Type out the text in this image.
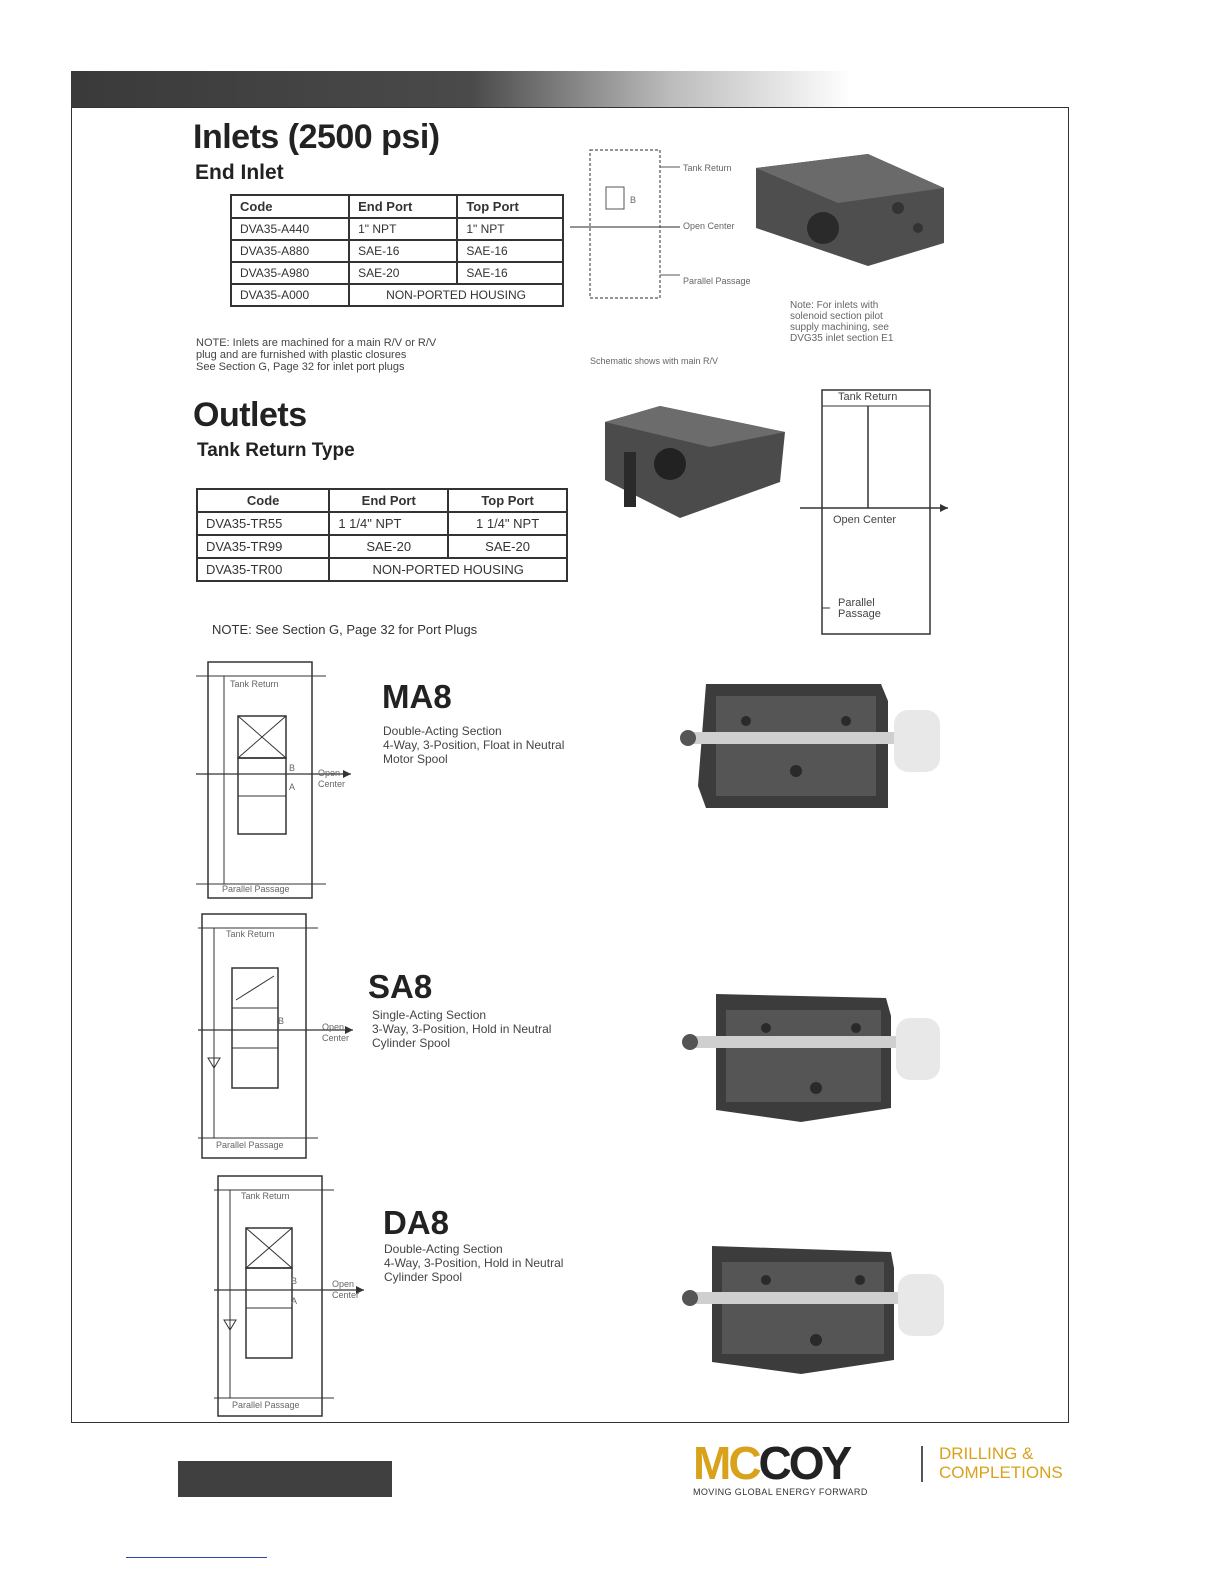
Inlets (2500 psi)
End Inlet
Code	End Port	Top Port
DVA35-A440	1" NPT	1" NPT
DVA35-A880	SAE-16	SAE-16
DVA35-A980	SAE-20	SAE-16
DVA35-A000	NON-PORTED HOUSING	
NOTE: Inlets are machined for a main R/V or R/V
plug and are furnished with plastic closures
See Section G, Page 32 for inlet port plugs
Tank Return
Open Center
Parallel Passage
B
Schematic shows with main R/V
Note: For inlets with
solenoid section pilot
supply machining, see
DVG35 inlet section E1
Outlets
Tank Return Type
Code	End Port	Top Port
DVA35-TR55	1 1/4" NPT	1 1/4" NPT
DVA35-TR99	SAE-20	SAE-20
DVA35-TR00	NON-PORTED HOUSING	
NOTE: See Section G, Page 32 for Port Plugs
Tank Return
Open Center
Parallel Passage
Tank Return
Open Center
Parallel Passage
B
A
MA8
Double-Acting Section
4-Way, 3-Position, Float in Neutral
Motor Spool
Tank Return
Open Center
Parallel Passage
B
SA8
Single-Acting Section
3-Way, 3-Position, Hold in Neutral
Cylinder Spool
Tank Return
Open Center
Parallel Passage
B
A
DA8
Double-Acting Section
4-Way, 3-Position, Hold in Neutral
Cylinder Spool
MCCOY
MOVING GLOBAL ENERGY FORWARD
DRILLING &
COMPLETIONS
